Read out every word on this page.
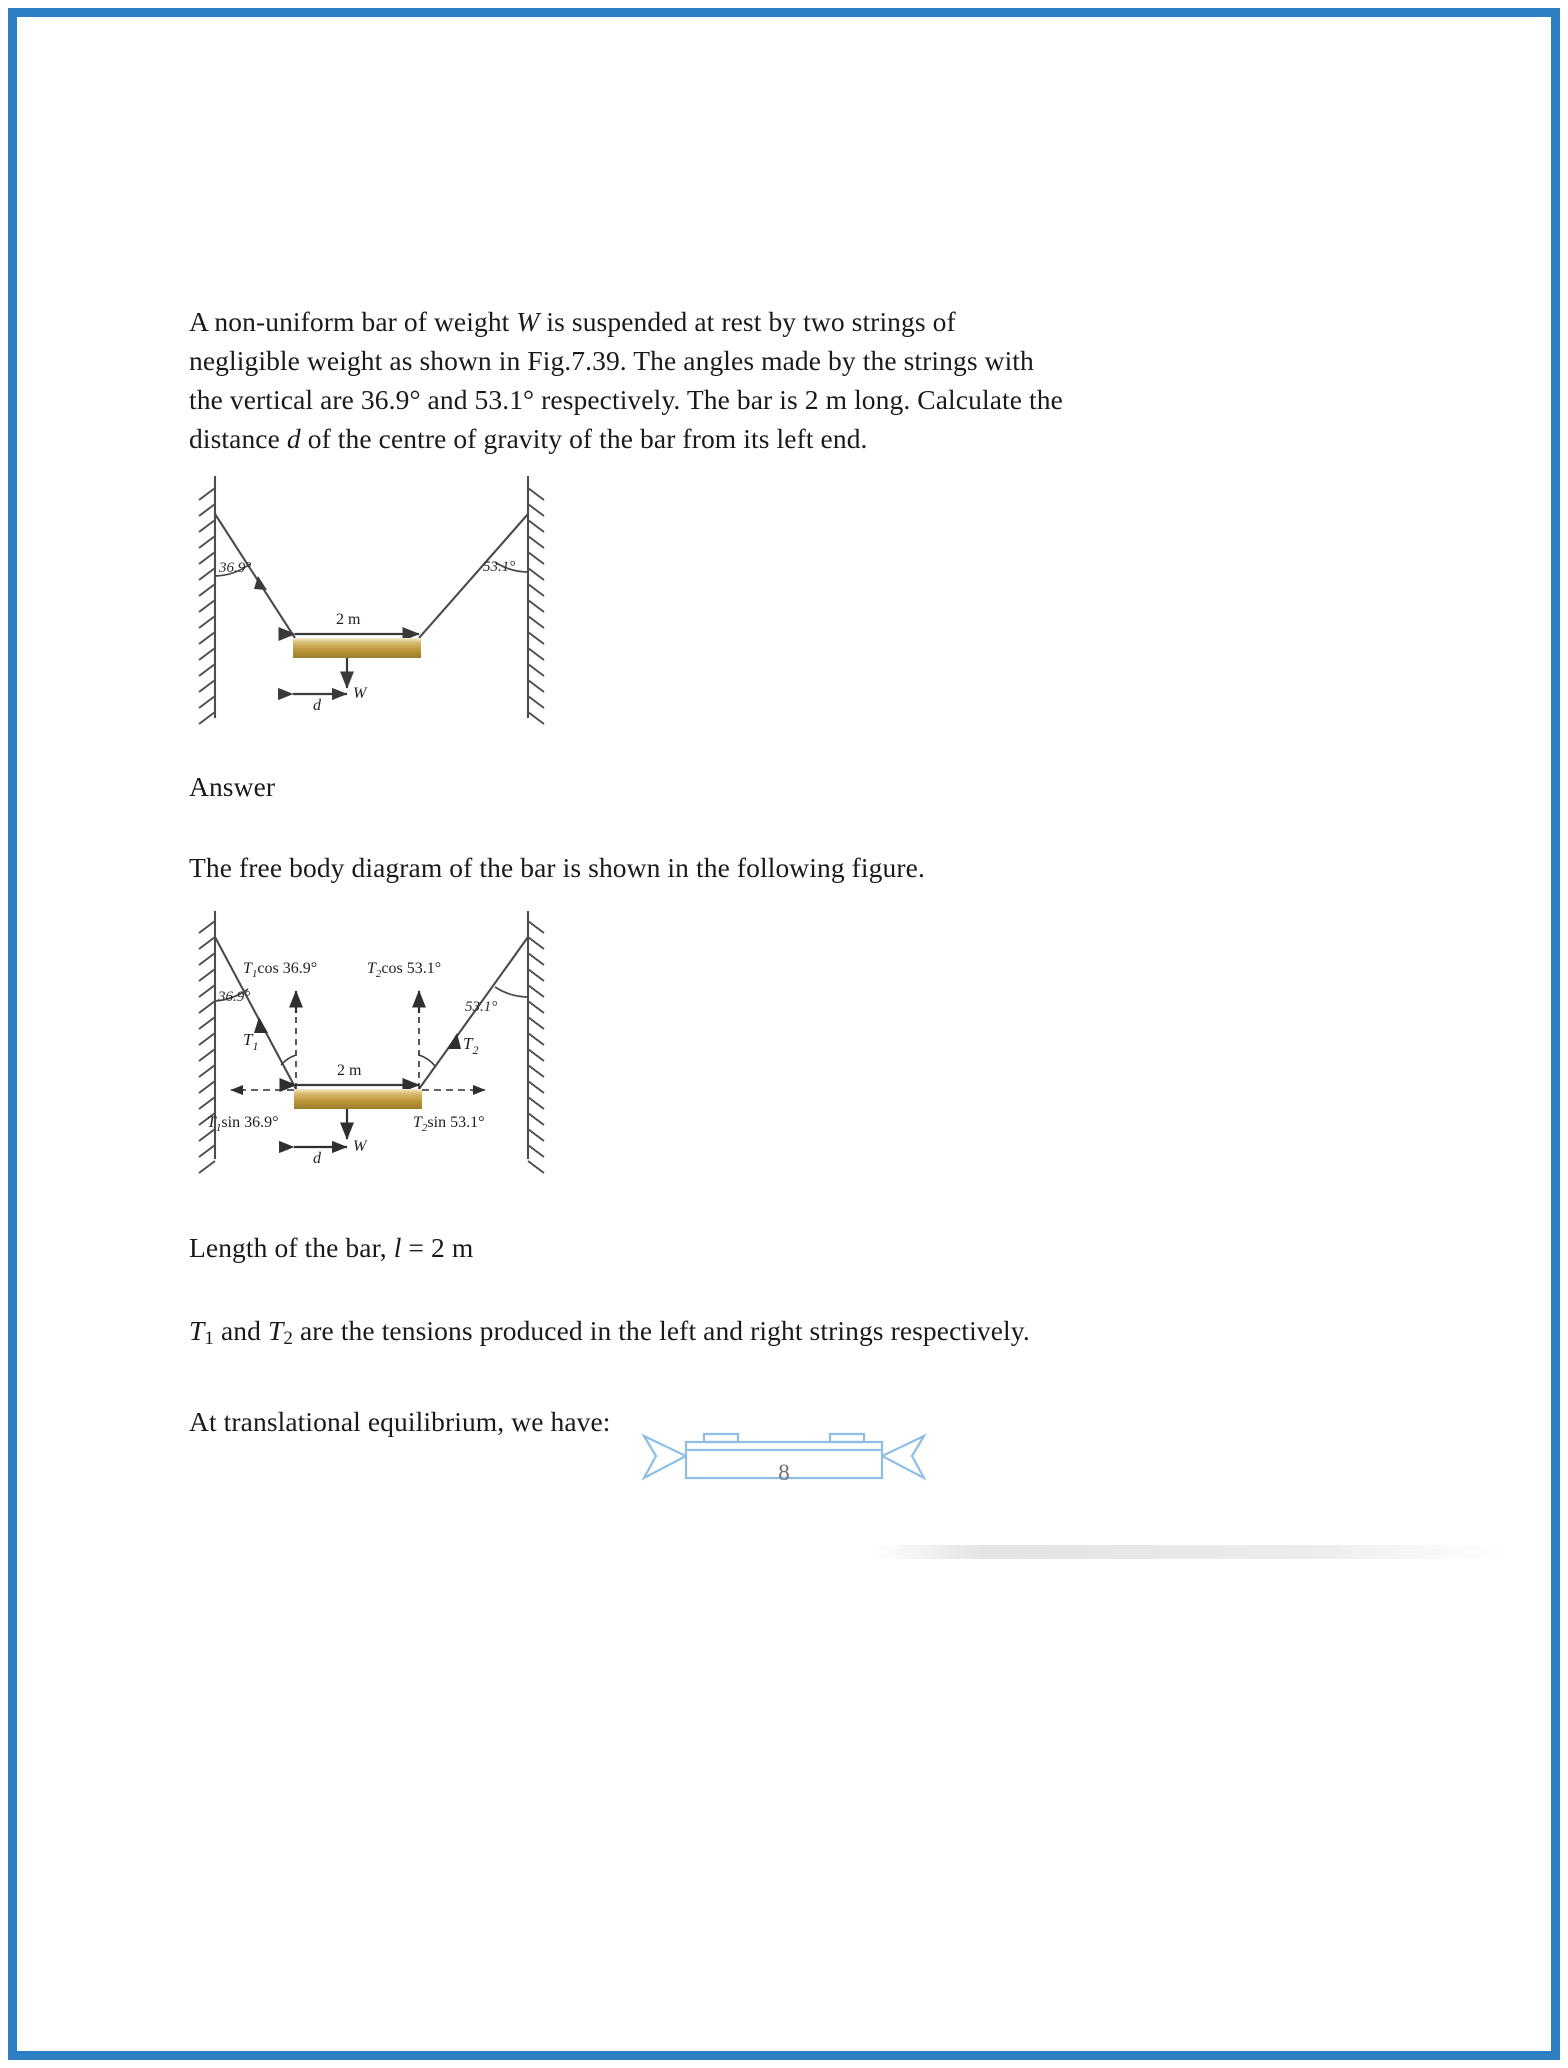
A non-uniform bar of weight W is suspended at rest by two strings of negligible weight as shown in Fig.7.39. The angles made by the strings with the vertical are 36.9° and 53.1° respectively. The bar is 2 m long. Calculate the distance d of the centre of gravity of the bar from its left end.

36.9°	53.1°
2 m
W
d

Answer

The free body diagram of the bar is shown in the following figure.

36.9°
53.1°
$T_1$	$T_2$
$T_1\cos$ 36.9°	$T_2\cos$ 53.1°
2 m
$T_1\sin$ 36.9°	$T_2\sin$ 53.1°
W
d

Length of the bar, l = 2 m

$T_1$ and $T_2$ are the tensions produced in the left and right strings respectively.

At translational equilibrium, we have:

8
